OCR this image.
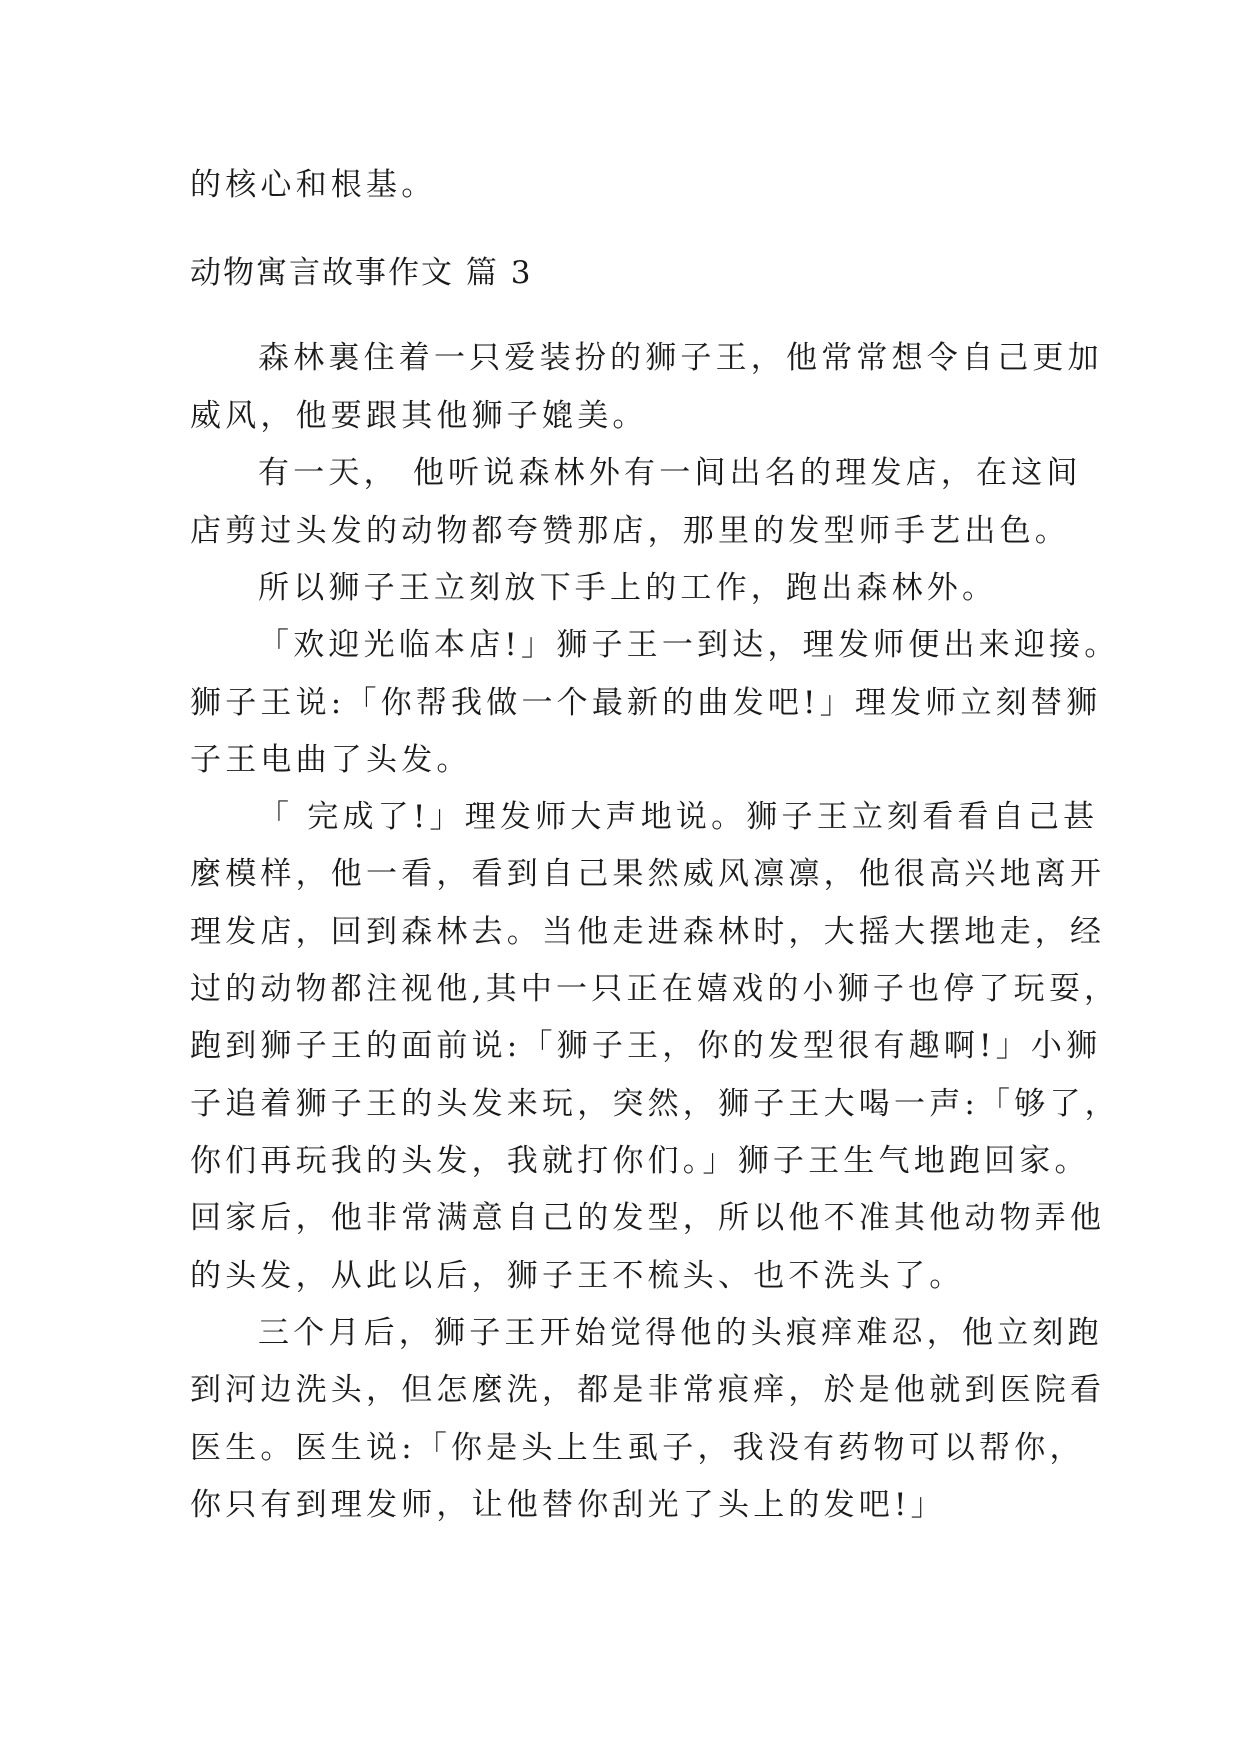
的核心和根基。

动物寓言故事作文 篇 3

森林裏住着一只爱装扮的狮子王，他常常想令自己更加

威风，他要跟其他狮子媲美。

有一天， 他听说森林外有一间出名的理发店，在这间

店剪过头发的动物都夸赞那店，那里的发型师手艺出色。

所以狮子王立刻放下手上的工作，跑出森林外。

「欢迎光临本店!」狮子王一到达，理发师便出来迎接。

狮子王说:「你帮我做一个最新的曲发吧!」理发师立刻替狮

子王电曲了头发。

「 完成了!」理发师大声地说。狮子王立刻看看自己甚

麼模样，他一看，看到自己果然威风凛凛，他很高兴地离开

理发店，回到森林去。当他走进森林时，大摇大摆地走，经

过的动物都注视他,其中一只正在嬉戏的小狮子也停了玩耍，

跑到狮子王的面前说:「狮子王，你的发型很有趣啊!」小狮

子追着狮子王的头发来玩，突然，狮子王大喝一声:「够了，

你们再玩我的头发，我就打你们。」狮子王生气地跑回家。

回家后，他非常满意自己的发型，所以他不准其他动物弄他

的头发，从此以后，狮子王不梳头、也不洗头了。

三个月后，狮子王开始觉得他的头痕痒难忍，他立刻跑

到河边洗头，但怎麼洗，都是非常痕痒，於是他就到医院看

医生。医生说:「你是头上生虱子，我没有药物可以帮你，

你只有到理发师，让他替你刮光了头上的发吧!」
